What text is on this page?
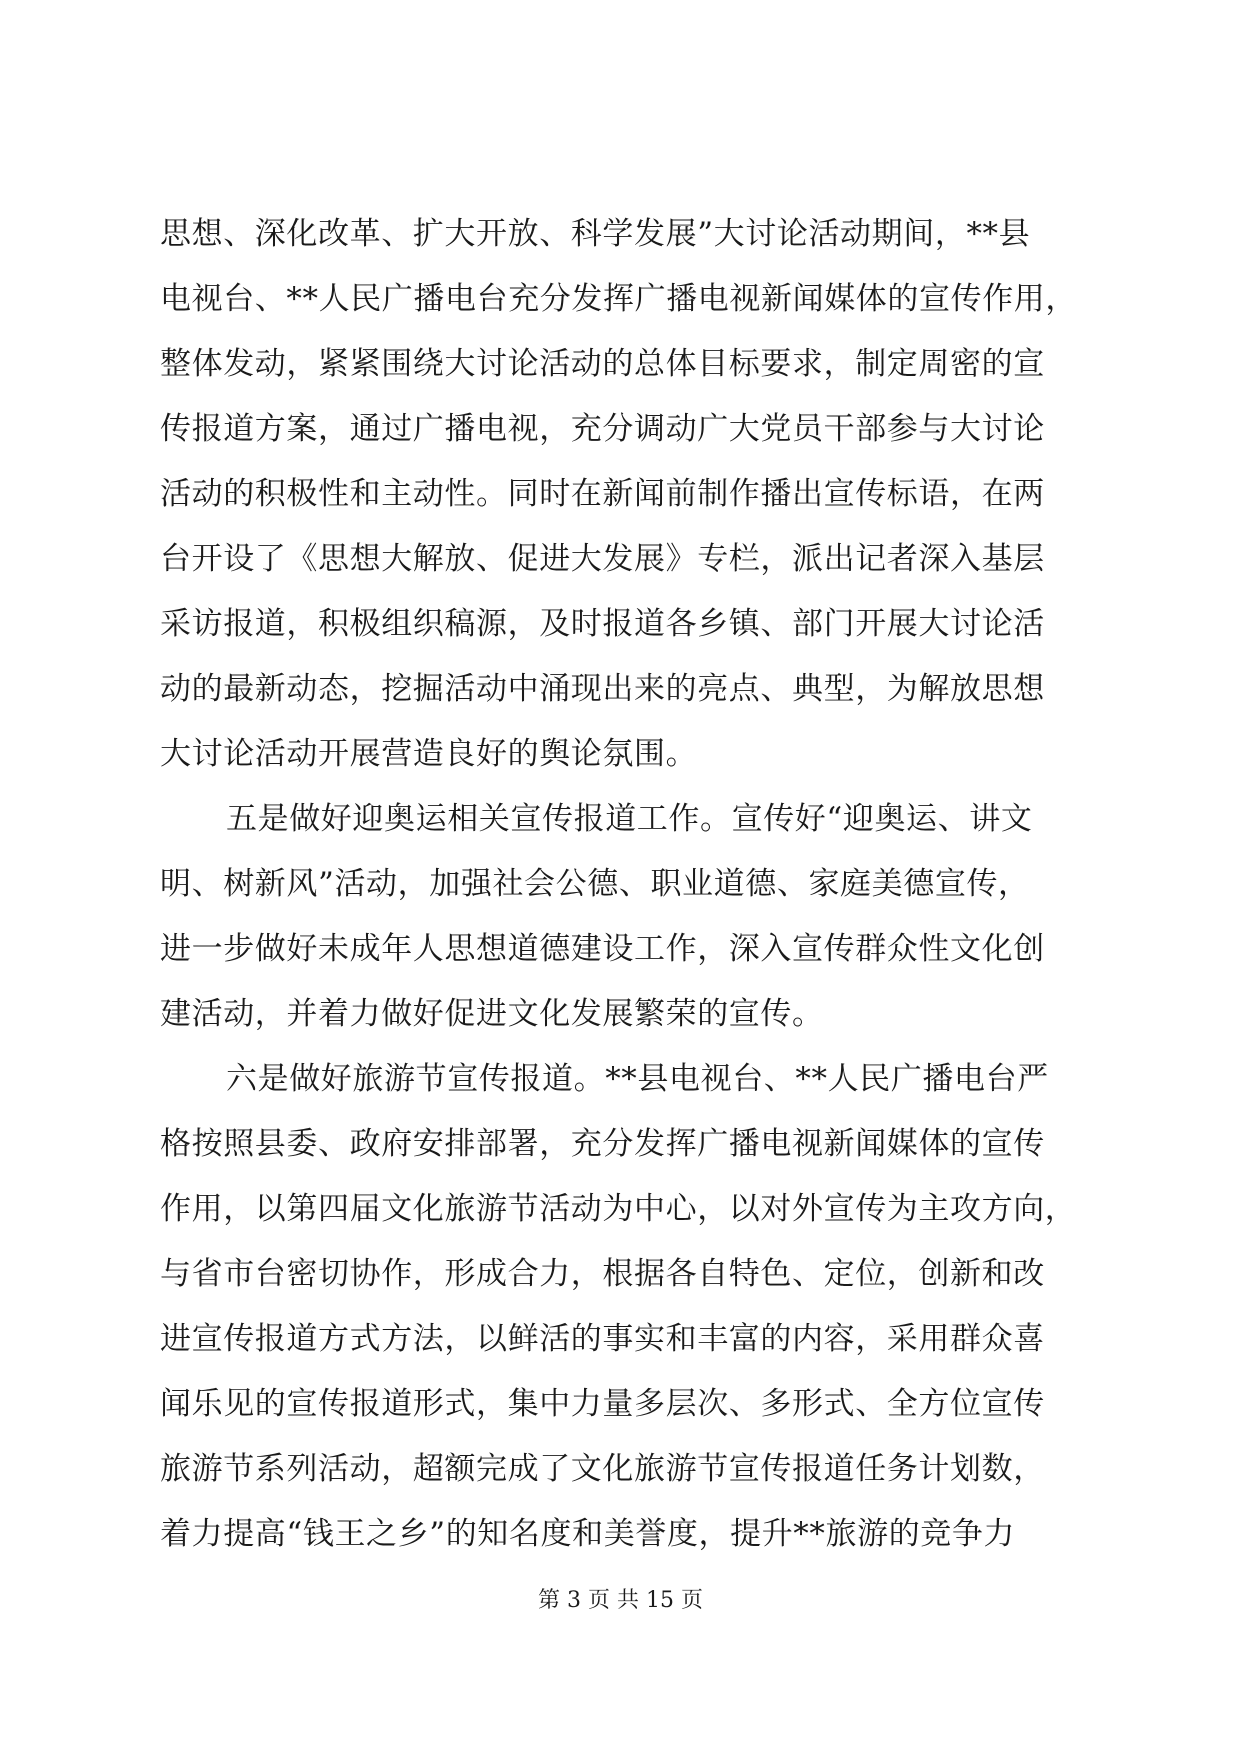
思想、深化改革、扩大开放、科学发展”大讨论活动期间，**县
电视台、**人民广播电台充分发挥广播电视新闻媒体的宣传作用，
整体发动，紧紧围绕大讨论活动的总体目标要求，制定周密的宣
传报道方案，通过广播电视，充分调动广大党员干部参与大讨论
活动的积极性和主动性。同时在新闻前制作播出宣传标语，在两
台开设了《思想大解放、促进大发展》专栏，派出记者深入基层
采访报道，积极组织稿源，及时报道各乡镇、部门开展大讨论活
动的最新动态，挖掘活动中涌现出来的亮点、典型，为解放思想
大讨论活动开展营造良好的舆论氛围。
五是做好迎奥运相关宣传报道工作。宣传好“迎奥运、讲文
明、树新风”活动，加强社会公德、职业道德、家庭美德宣传，
进一步做好未成年人思想道德建设工作，深入宣传群众性文化创
建活动，并着力做好促进文化发展繁荣的宣传。
六是做好旅游节宣传报道。**县电视台、**人民广播电台严
格按照县委、政府安排部署，充分发挥广播电视新闻媒体的宣传
作用，以第四届文化旅游节活动为中心，以对外宣传为主攻方向，
与省市台密切协作，形成合力，根据各自特色、定位，创新和改
进宣传报道方式方法，以鲜活的事实和丰富的内容，采用群众喜
闻乐见的宣传报道形式，集中力量多层次、多形式、全方位宣传
旅游节系列活动，超额完成了文化旅游节宣传报道任务计划数，
着力提高“钱王之乡”的知名度和美誉度，提升**旅游的竞争力
第 3 页 共 15 页
